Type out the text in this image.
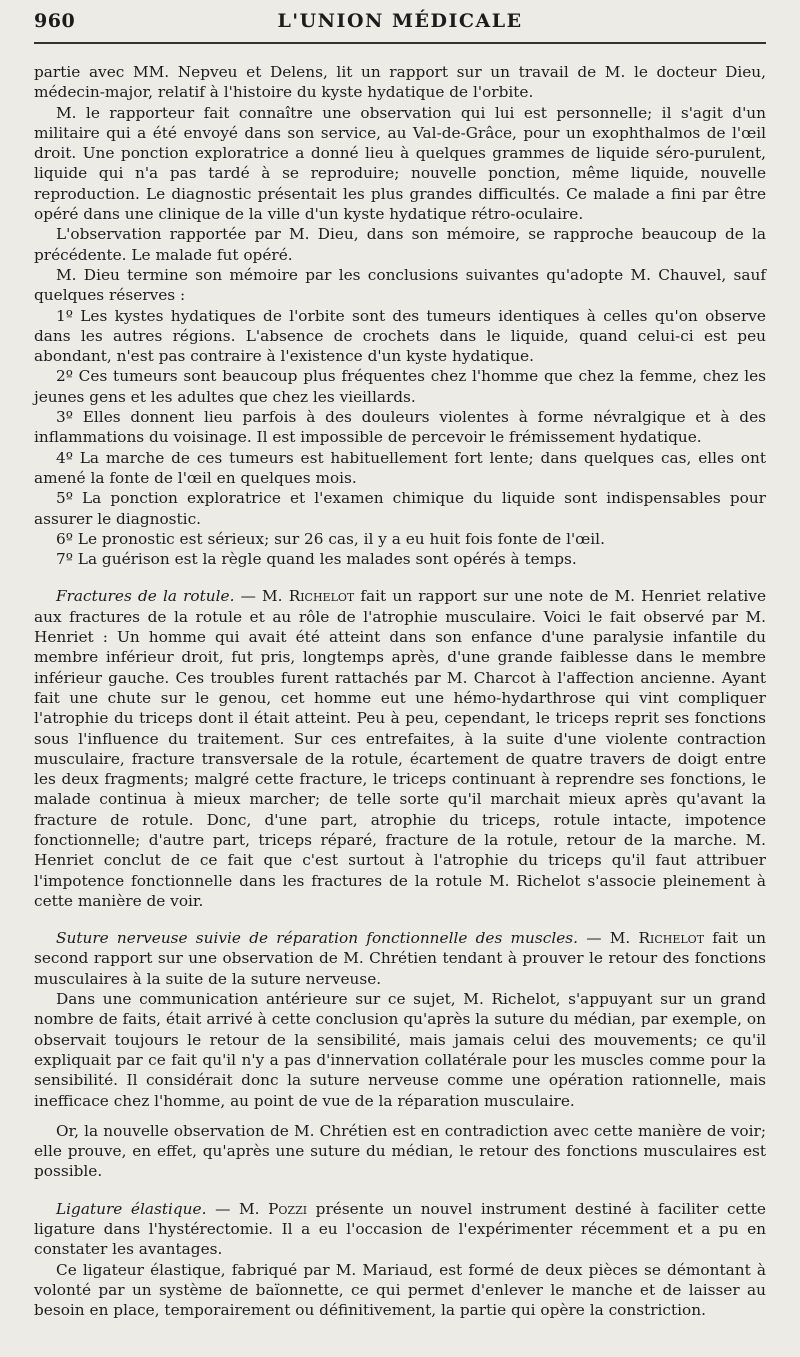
960	L'UNION MÉDICALE

partie avec MM. Nepveu et Delens, lit un rapport sur un travail de M. le docteur Dieu, médecin-major, relatif à l'histoire du kyste hydatique de l'orbite.

M. le rapporteur fait connaître une observation qui lui est personnelle; il s'agit d'un militaire qui a été envoyé dans son service, au Val-de-Grâce, pour un exophthalmos de l'œil droit. Une ponction exploratrice a donné lieu à quelques grammes de liquide séro-purulent, liquide qui n'a pas tardé à se reproduire; nouvelle ponction, même liquide, nouvelle reproduction. Le diagnostic présentait les plus grandes difficultés. Ce malade a fini par être opéré dans une clinique de la ville d'un kyste hydatique rétro-oculaire.

L'observation rapportée par M. Dieu, dans son mémoire, se rapproche beaucoup de la précédente. Le malade fut opéré.

M. Dieu termine son mémoire par les conclusions suivantes qu'adopte M. Chauvel, sauf quelques réserves :

1º Les kystes hydatiques de l'orbite sont des tumeurs identiques à celles qu'on observe dans les autres régions. L'absence de crochets dans le liquide, quand celui-ci est peu abondant, n'est pas contraire à l'existence d'un kyste hydatique.

2º Ces tumeurs sont beaucoup plus fréquentes chez l'homme que chez la femme, chez les jeunes gens et les adultes que chez les vieillards.

3º Elles donnent lieu parfois à des douleurs violentes à forme névralgique et à des inflammations du voisinage. Il est impossible de percevoir le frémissement hydatique.

4º La marche de ces tumeurs est habituellement fort lente; dans quelques cas, elles ont amené la fonte de l'œil en quelques mois.

5º La ponction exploratrice et l'examen chimique du liquide sont indispensables pour assurer le diagnostic.

6º Le pronostic est sérieux; sur 26 cas, il y a eu huit fois fonte de l'œil.

7º La guérison est la règle quand les malades sont opérés à temps.

Fractures de la rotule. — M. Richelot fait un rapport sur une note de M. Henriet relative aux fractures de la rotule et au rôle de l'atrophie musculaire. Voici le fait observé par M. Henriet : Un homme qui avait été atteint dans son enfance d'une paralysie infantile du membre inférieur droit, fut pris, longtemps après, d'une grande faiblesse dans le membre inférieur gauche. Ces troubles furent rattachés par M. Charcot à l'affection ancienne. Ayant fait une chute sur le genou, cet homme eut une hémo-hydarthrose qui vint compliquer l'atrophie du triceps dont il était atteint. Peu à peu, cependant, le triceps reprit ses fonctions sous l'influence du traitement. Sur ces entrefaites, à la suite d'une violente contraction musculaire, fracture transversale de la rotule, écartement de quatre travers de doigt entre les deux fragments; malgré cette fracture, le triceps continuant à reprendre ses fonctions, le malade continua à mieux marcher; de telle sorte qu'il marchait mieux après qu'avant la fracture de rotule. Donc, d'une part, atrophie du triceps, rotule intacte, impotence fonctionnelle; d'autre part, triceps réparé, fracture de la rotule, retour de la marche. M. Henriet conclut de ce fait que c'est surtout à l'atrophie du triceps qu'il faut attribuer l'impotence fonctionnelle dans les fractures de la rotule M. Richelot s'associe pleinement à cette manière de voir.

Suture nerveuse suivie de réparation fonctionnelle des muscles. — M. Richelot fait un second rapport sur une observation de M. Chrétien tendant à prouver le retour des fonctions musculaires à la suite de la suture nerveuse.

Dans une communication antérieure sur ce sujet, M. Richelot, s'appuyant sur un grand nombre de faits, était arrivé à cette conclusion qu'après la suture du médian, par exemple, on observait toujours le retour de la sensibilité, mais jamais celui des mouvements; ce qu'il expliquait par ce fait qu'il n'y a pas d'innervation collatérale pour les muscles comme pour la sensibilité. Il considérait donc la suture nerveuse comme une opération rationnelle, mais inefficace chez l'homme, au point de vue de la réparation musculaire.

Or, la nouvelle observation de M. Chrétien est en contradiction avec cette manière de voir; elle prouve, en effet, qu'après une suture du médian, le retour des fonctions musculaires est possible.

Ligature élastique. — M. Pozzi présente un nouvel instrument destiné à faciliter cette ligature dans l'hystérectomie. Il a eu l'occasion de l'expérimenter récemment et a pu en constater les avantages.

Ce ligateur élastique, fabriqué par M. Mariaud, est formé de deux pièces se démontant à volonté par un système de baïonnette, ce qui permet d'enlever le manche et de laisser au besoin en place, temporairement ou définitivement, la partie qui opère la constriction.
